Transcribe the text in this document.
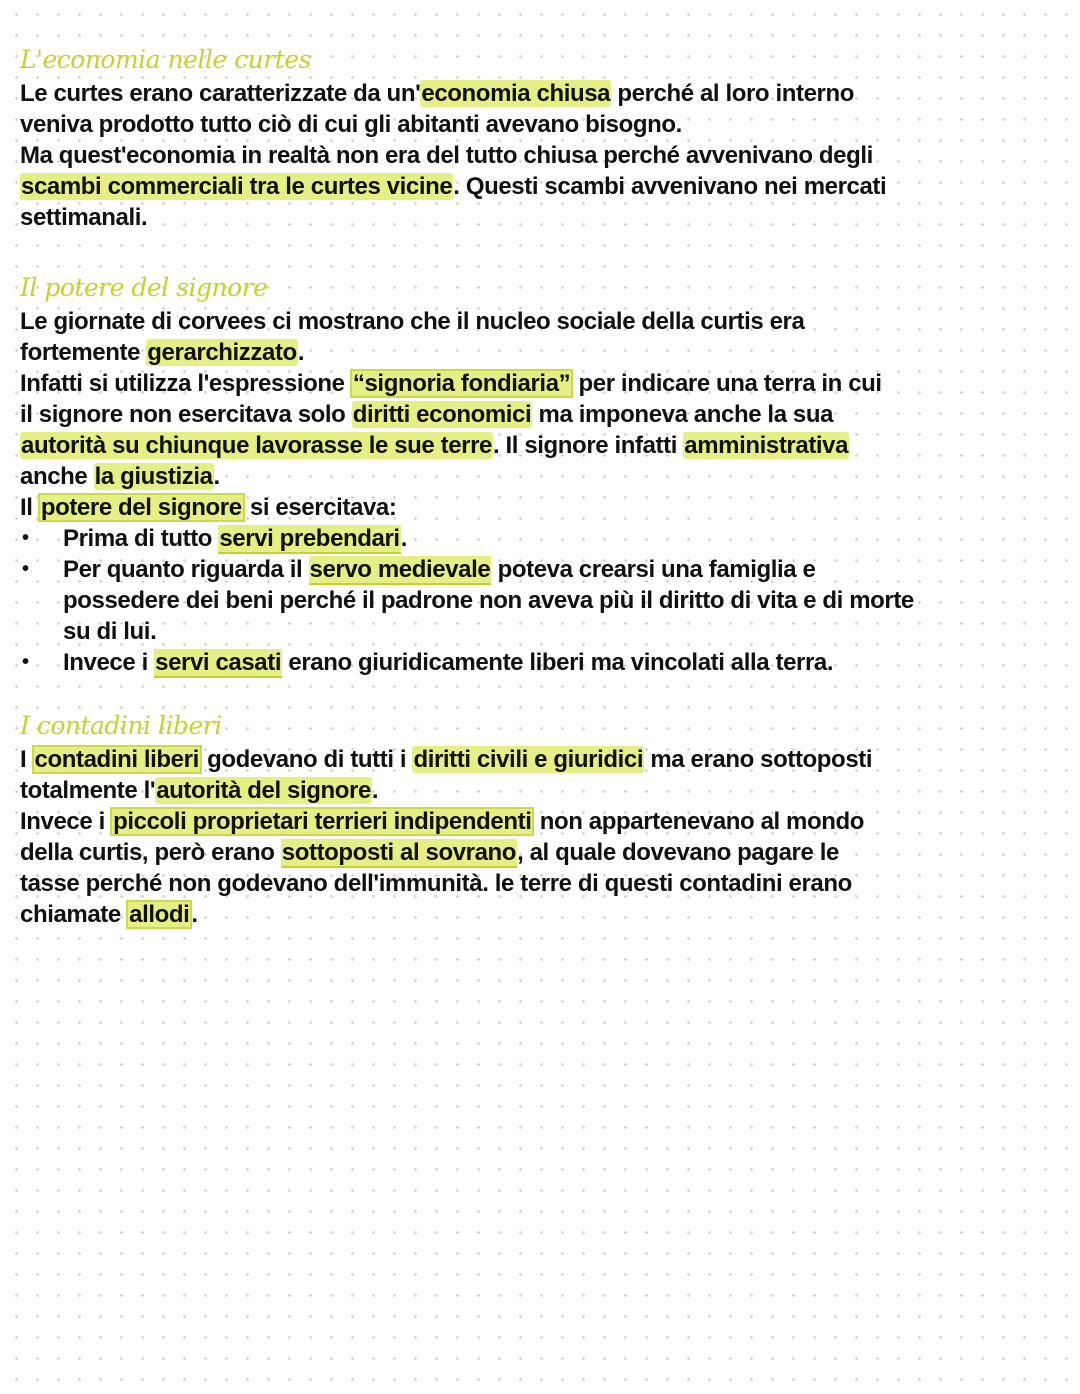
L'economia nelle curtes
Le curtes erano caratterizzate da un'economia chiusa perché al loro interno
veniva prodotto tutto ciò di cui gli abitanti avevano bisogno.
Ma quest'economia in realtà non era del tutto chiusa perché avvenivano degli
scambi commerciali tra le curtes vicine. Questi scambi avvenivano nei mercati
settimanali.
Il potere del signore
Le giornate di corvees ci mostrano che il nucleo sociale della curtis era
fortemente gerarchizzato.
Infatti si utilizza l'espressione “signoria fondiaria” per indicare una terra in cui
il signore non esercitava solo diritti economici ma imponeva anche la sua
autorità su chiunque lavorasse le sue terre. Il signore infatti amministrativa
anche la giustizia.
Il potere del signore si esercitava:
• Prima di tutto servi prebendari.
• Per quanto riguarda il servo medievale poteva crearsi una famiglia e
possedere dei beni perché il padrone non aveva più il diritto di vita e di morte
su di lui.
• Invece i servi casati erano giuridicamente liberi ma vincolati alla terra.
I contadini liberi
I contadini liberi godevano di tutti i diritti civili e giuridici ma erano sottoposti
totalmente l'autorità del signore.
Invece i piccoli proprietari terrieri indipendenti non appartenevano al mondo
della curtis, però erano sottoposti al sovrano, al quale dovevano pagare le
tasse perché non godevano dell'immunità. le terre di questi contadini erano
chiamate allodi.
